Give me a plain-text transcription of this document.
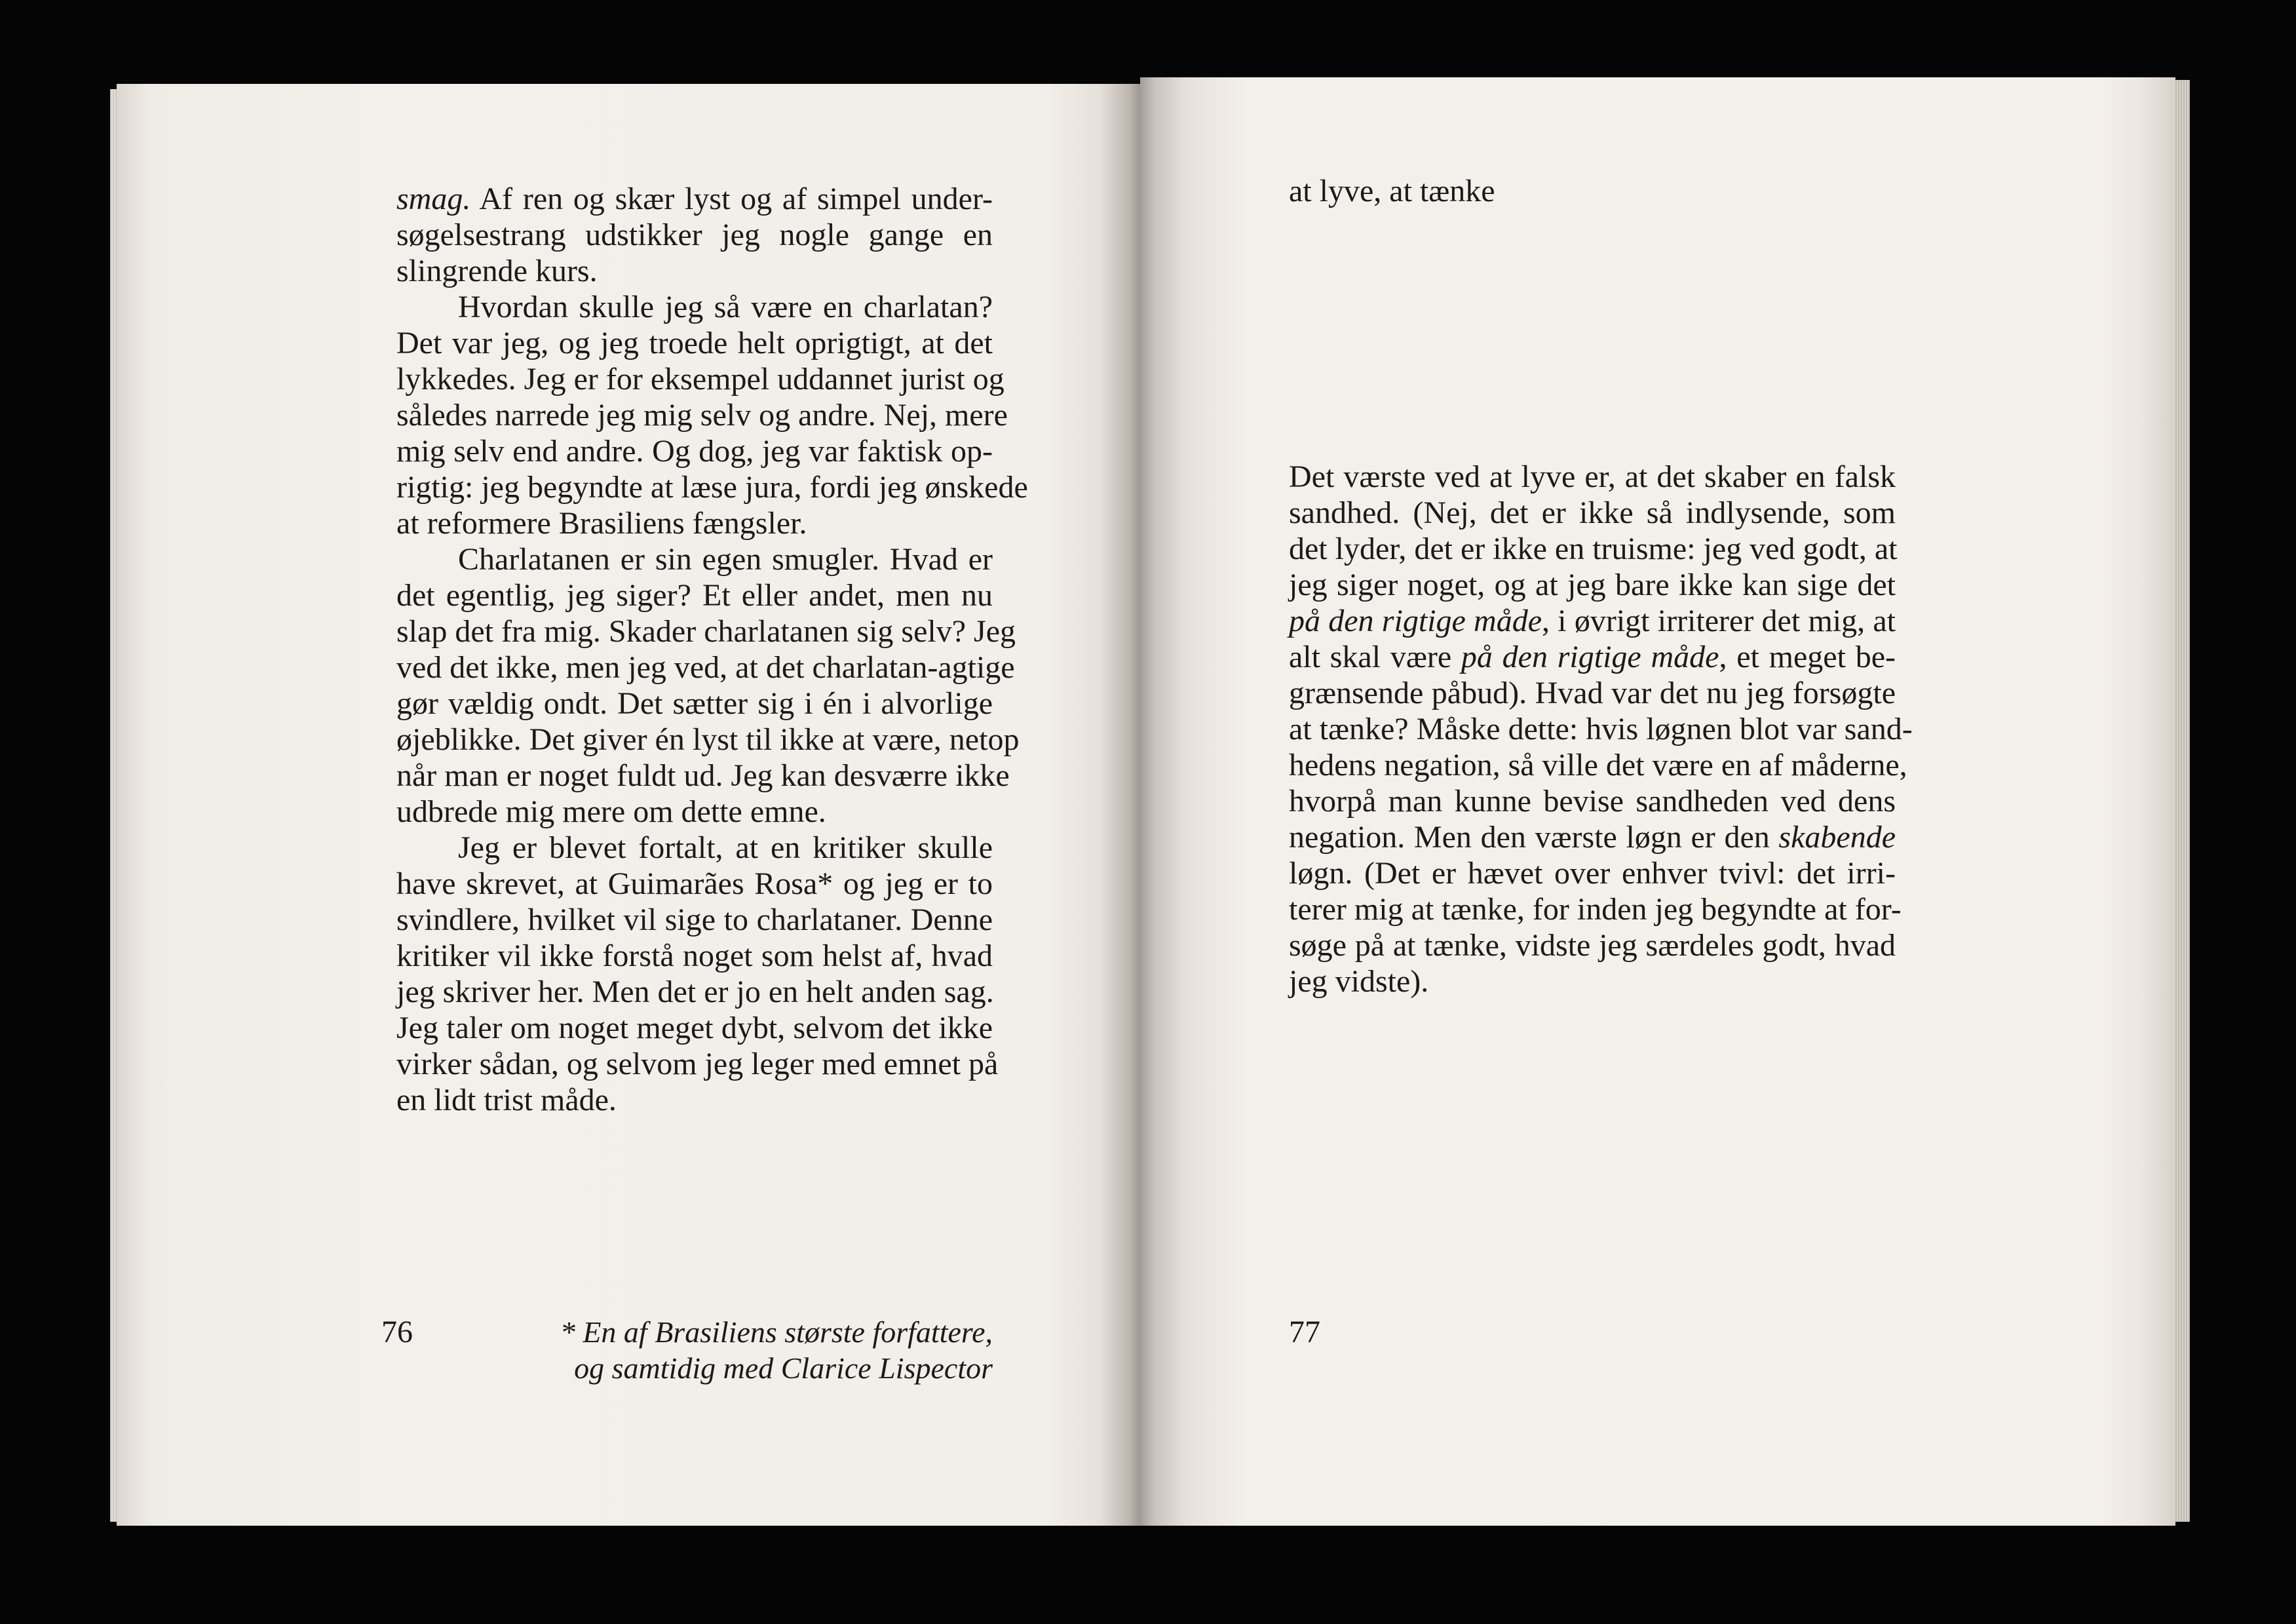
smag. Af ren og skær lyst og af simpel under-
søgelsestrang udstikker jeg nogle gange en
slingrende kurs.
Hvordan skulle jeg så være en charlatan?
Det var jeg, og jeg troede helt oprigtigt, at det
lykkedes. Jeg er for eksempel uddannet jurist og
således narrede jeg mig selv og andre. Nej, mere
mig selv end andre. Og dog, jeg var faktisk op-
rigtig: jeg begyndte at læse jura, fordi jeg ønskede
at reformere Brasiliens fængsler.
Charlatanen er sin egen smugler. Hvad er
det egentlig, jeg siger? Et eller andet, men nu
slap det fra mig. Skader charlatanen sig selv? Jeg
ved det ikke, men jeg ved, at det charlatan-agtige
gør vældig ondt. Det sætter sig i én i alvorlige
øjeblikke. Det giver én lyst til ikke at være, netop
når man er noget fuldt ud. Jeg kan desværre ikke
udbrede mig mere om dette emne.
Jeg er blevet fortalt, at en kritiker skulle
have skrevet, at Guimarães Rosa* og jeg er to
svindlere, hvilket vil sige to charlataner. Denne
kritiker vil ikke forstå noget som helst af, hvad
jeg skriver her. Men det er jo en helt anden sag.
Jeg taler om noget meget dybt, selvom det ikke
virker sådan, og selvom jeg leger med emnet på
en lidt trist måde.
76	* En af Brasiliens største forfattere,
og samtidig med Clarice Lispector
at lyve, at tænke
Det værste ved at lyve er, at det skaber en falsk
sandhed. (Nej, det er ikke så indlysende, som
det lyder, det er ikke en truisme: jeg ved godt, at
jeg siger noget, og at jeg bare ikke kan sige det
på den rigtige måde, i øvrigt irriterer det mig, at
alt skal være på den rigtige måde, et meget be-
grænsende påbud). Hvad var det nu jeg forsøgte
at tænke? Måske dette: hvis løgnen blot var sand-
hedens negation, så ville det være en af måderne,
hvorpå man kunne bevise sandheden ved dens
negation. Men den værste løgn er den skabende
løgn. (Det er hævet over enhver tvivl: det irri-
terer mig at tænke, for inden jeg begyndte at for-
søge på at tænke, vidste jeg særdeles godt, hvad
jeg vidste).
77
